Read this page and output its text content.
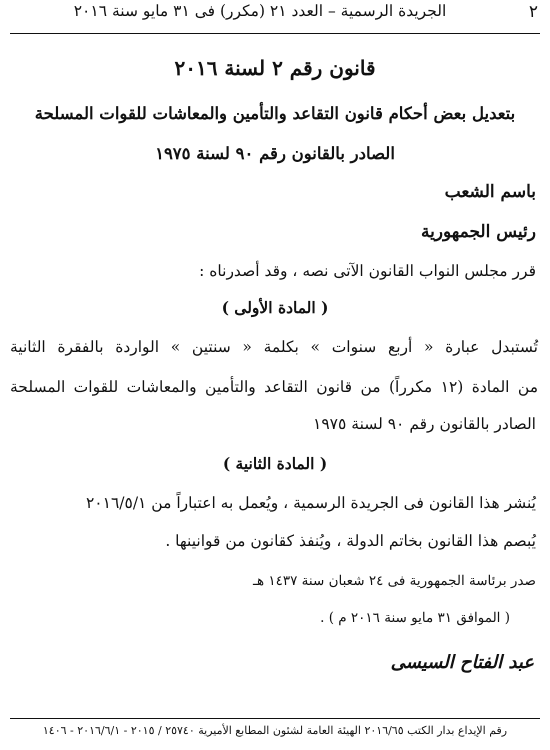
٢
الجريدة الرسمية – العدد ٢١ (مكرر) فى ٣١ مايو سنة ٢٠١٦
قانون رقم ٢ لسنة ٢٠١٦
بتعديل بعض أحكام قانون التقاعد والتأمين والمعاشات للقوات المسلحة
الصادر بالقانون رقم ٩٠ لسنة ١٩٧٥
باسم الشعب
رئيس الجمهورية
قرر مجلس النواب القانون الآتى نصه ، وقد أصدرناه :
( المادة الأولى )
تُستبدل عبارة « أربع سنوات » بكلمة « سنتين » الواردة بالفقرة الثانية
من المادة (١٢ مكرراً) من قانون التقاعد والتأمين والمعاشات للقوات المسلحة
الصادر بالقانون رقم ٩٠ لسنة ١٩٧٥
( المادة الثانية )
يُنشر هذا القانون فى الجريدة الرسمية ، ويُعمل به اعتباراً من ٢٠١٦/٥/١
يُبصم هذا القانون بخاتم الدولة ، ويُنفذ كقانون من قوانينها .
صدر برئاسة الجمهورية فى ٢٤ شعبان سنة ١٤٣٧ هـ
( الموافق ٣١ مايو سنة ٢٠١٦ م ) .
عبد الفتاح السيسى
رقم الإيداع بدار الكتب ٢٠١٦/٦٥ الهيئة العامة لشئون المطابع الأميرية ٢٥٧٤٠ / ٢٠١٥ - ٢٠١٦/٦/١ - ١٤٠٦
